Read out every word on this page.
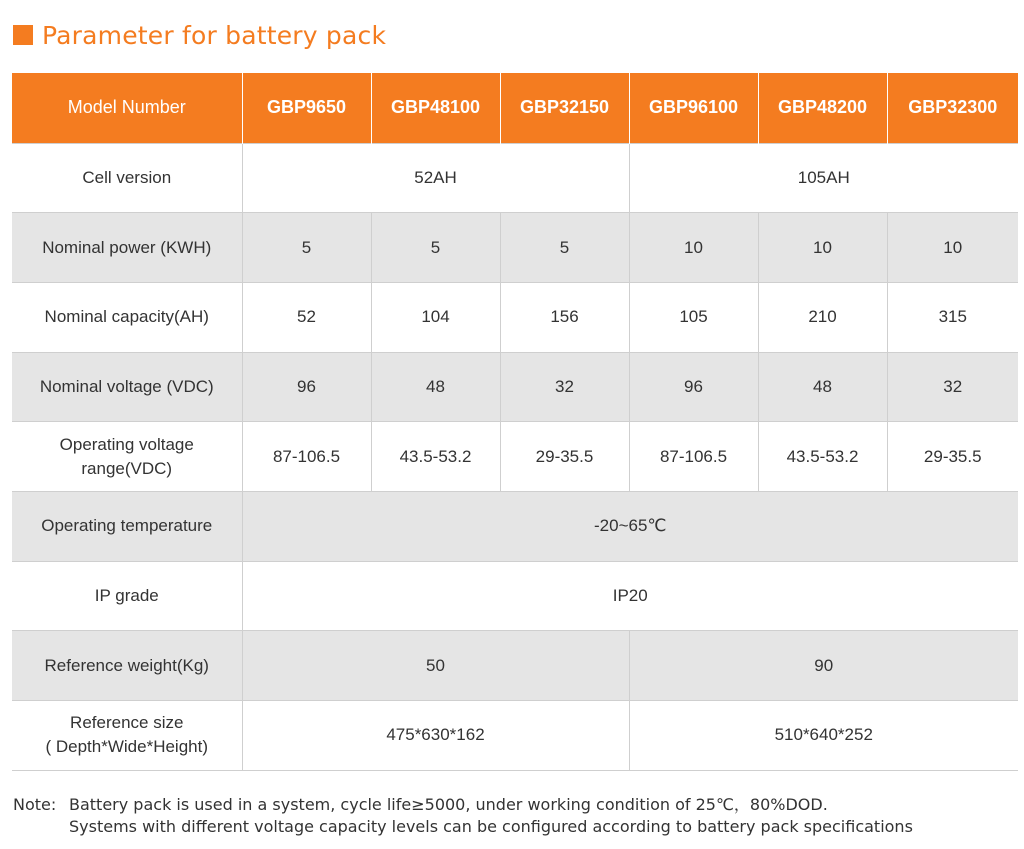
Parameter for battery pack
Model Number	GBP9650	GBP48100	GBP32150	GBP96100	GBP48200	GBP32300
Cell version	52AH			105AH		
Nominal power (KWH)	5	5	5	10	10	10
Nominal capacity(AH)	52	104	156	105	210	315
Nominal voltage (VDC)	96	48	32	96	48	32

Operating voltage
range(VDC)	87-106.5	43.5-53.2	29-35.5	87-106.5	43.5-53.2	29-35.5
Operating temperature	-20~65℃					
IP grade	IP20					
Reference weight(Kg)	50			90		

Reference size
( Depth*Wide*Height)	475*630*162			510*640*252		
Note: Battery pack is used in a system, cycle life≥5000, under working condition of 25℃，80%DOD.
Systems with different voltage capacity levels can be configured according to battery pack specifications
